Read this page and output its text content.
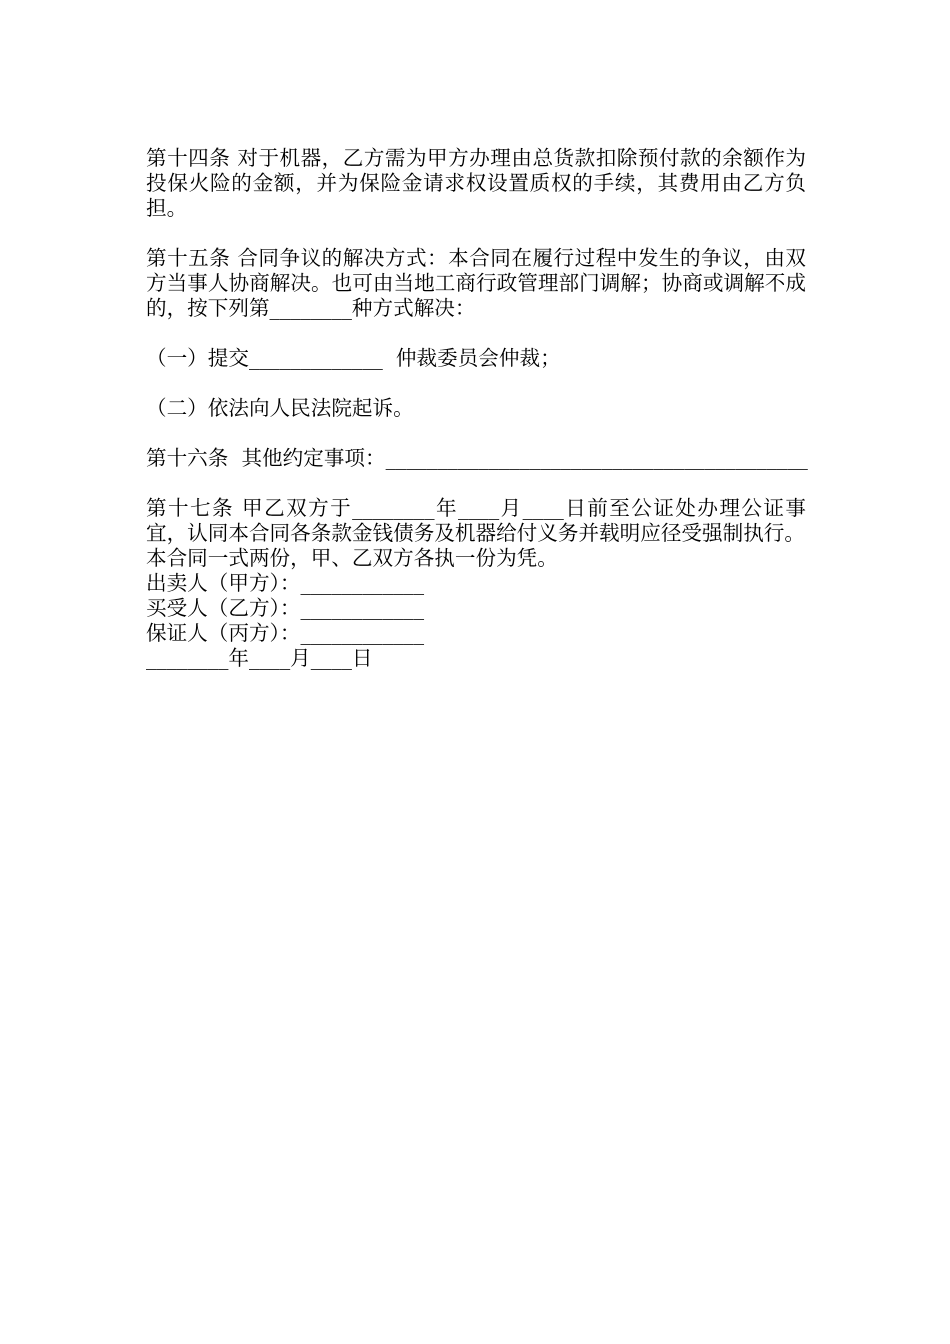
第十四条 对于机器，乙方需为甲方办理由总货款扣除预付款的余额作为投保火险的金额，并为保险金请求权设置质权的手续，其费用由乙方负担。

第十五条 合同争议的解决方式：本合同在履行过程中发生的争议，由双方当事人协商解决。也可由当地工商行政管理部门调解；协商或调解不成的，按下列第________种方式解决：

（一）提交_____________  仲裁委员会仲裁；

（二）依法向人民法院起诉。

第十六条  其他约定事项：_________________________________________

第十七条 甲乙双方于________年____月____日前至公证处办理公证事宜，认同本合同各条款金钱债务及机器给付义务并载明应径受强制执行。

本合同一式两份，甲、乙双方各执一份为凭。

出卖人（甲方）：____________

买受人（乙方）：____________

保证人（丙方）：____________

________年____月____日
